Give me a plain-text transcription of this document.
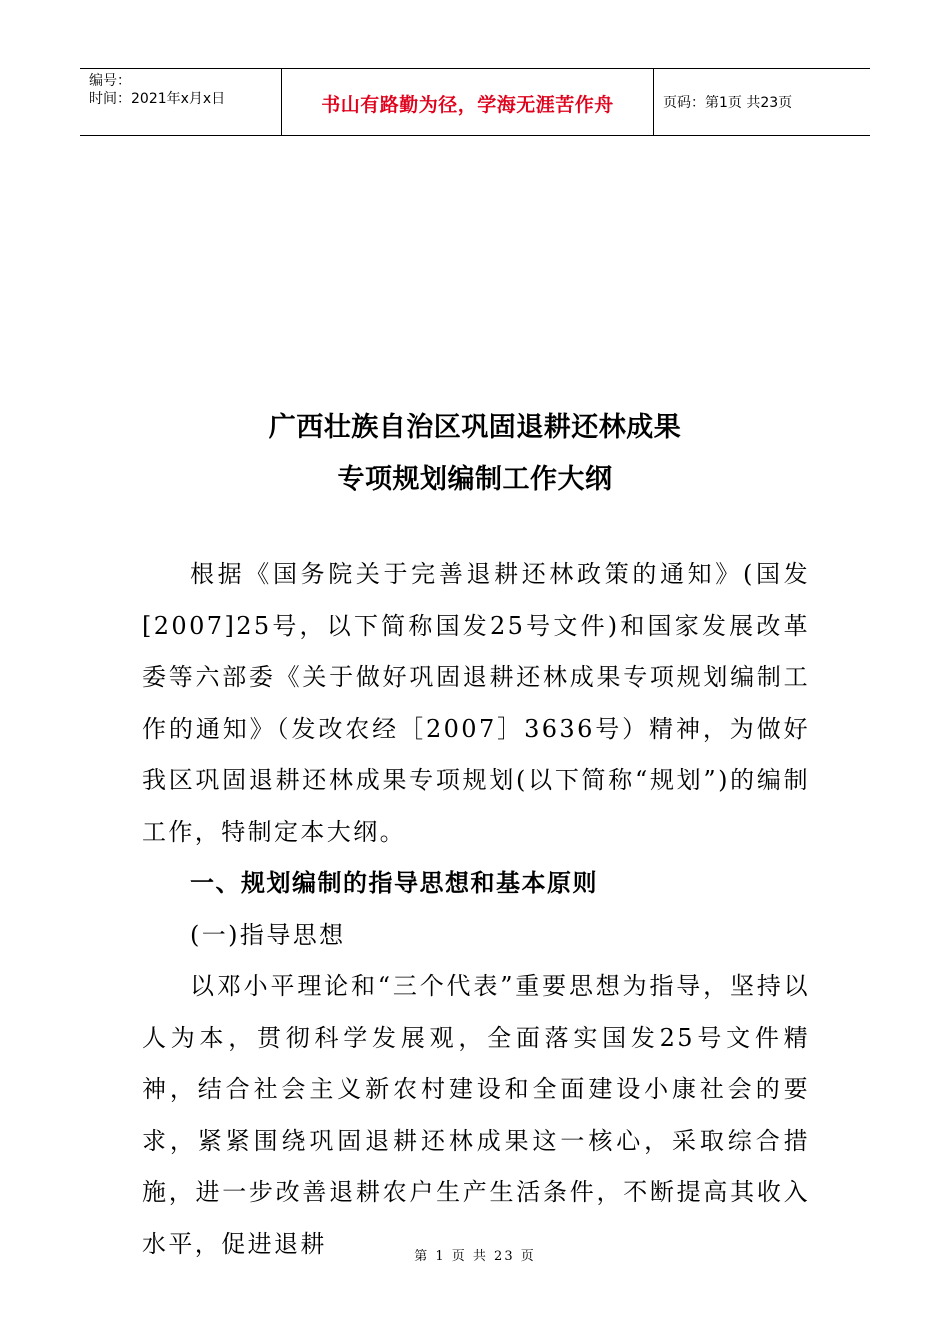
编号：
时间：2021年x月x日	书山有路勤为径，学海无涯苦作舟	页码：第1页 共23页
广西壮族自治区巩固退耕还林成果
专项规划编制工作大纲

根据《国务院关于完善退耕还林政策的通知》(国发[2007]25号，以下简称国发25号文件)和国家发展改革委等六部委《关于做好巩固退耕还林成果专项规划编制工作的通知》（发改农经［2007］3636号）精神，为做好我区巩固退耕还林成果专项规划(以下简称“规划”)的编制工作，特制定本大纲。

一、规划编制的指导思想和基本原则

(一)指导思想

以邓小平理论和“三个代表”重要思想为指导，坚持以人为本，贯彻科学发展观，全面落实国发25号文件精神，结合社会主义新农村建设和全面建设小康社会的要求，紧紧围绕巩固退耕还林成果这一核心，采取综合措施，进一步改善退耕农户生产生活条件，不断提高其收入水平，促进退耕	第 1 页 共 23 页
